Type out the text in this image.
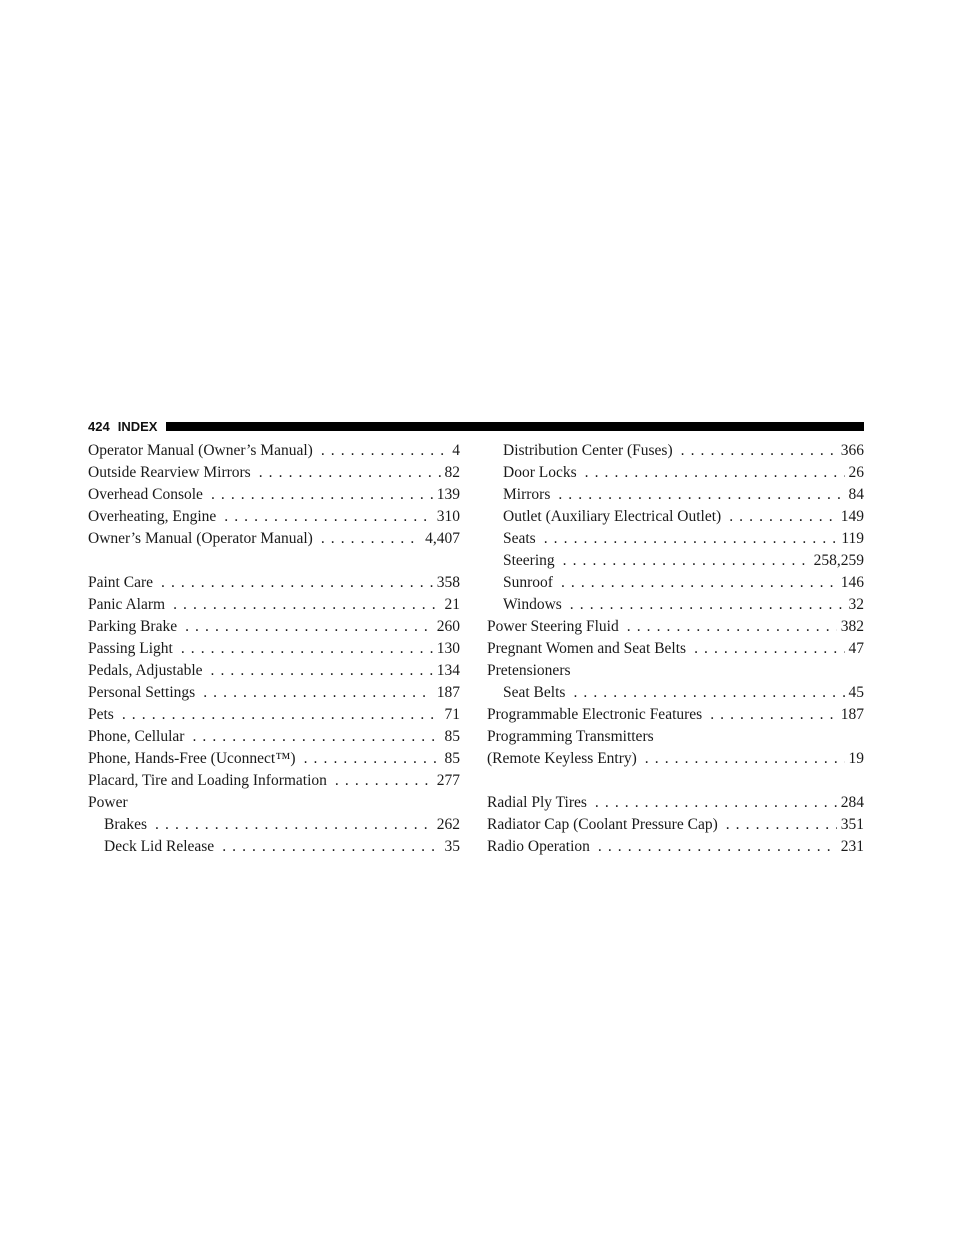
424 INDEX
Operator Manual (Owner’s Manual) . . .	4
Outside Rearview Mirrors . . .	82
Overhead Console . . .	139
Overheating, Engine . . .	310
Owner’s Manual (Operator Manual) . . .	4,407
Paint Care . . .	358
Panic Alarm . . .	21
Parking Brake . . .	260
Passing Light . . .	130
Pedals, Adjustable . . .	134
Personal Settings . . .	187
Pets . . .	71
Phone, Cellular . . .	85
Phone, Hands-Free (Uconnect™) . . .	85
Placard, Tire and Loading Information . . .	277
Power
Brakes . . .	262
Deck Lid Release . . .	35
Distribution Center (Fuses) . . .	366
Door Locks . . .	26
Mirrors . . .	84
Outlet (Auxiliary Electrical Outlet) . . .	149
Seats . . .	119
Steering . . .	258,259
Sunroof . . .	146
Windows . . .	32
Power Steering Fluid . . .	382
Pregnant Women and Seat Belts . . .	47
Pretensioners
Seat Belts . . .	45
Programmable Electronic Features . . .	187
Programming Transmitters
(Remote Keyless Entry) . . .	19
Radial Ply Tires . . .	284
Radiator Cap (Coolant Pressure Cap) . . .	351
Radio Operation . . .	231
